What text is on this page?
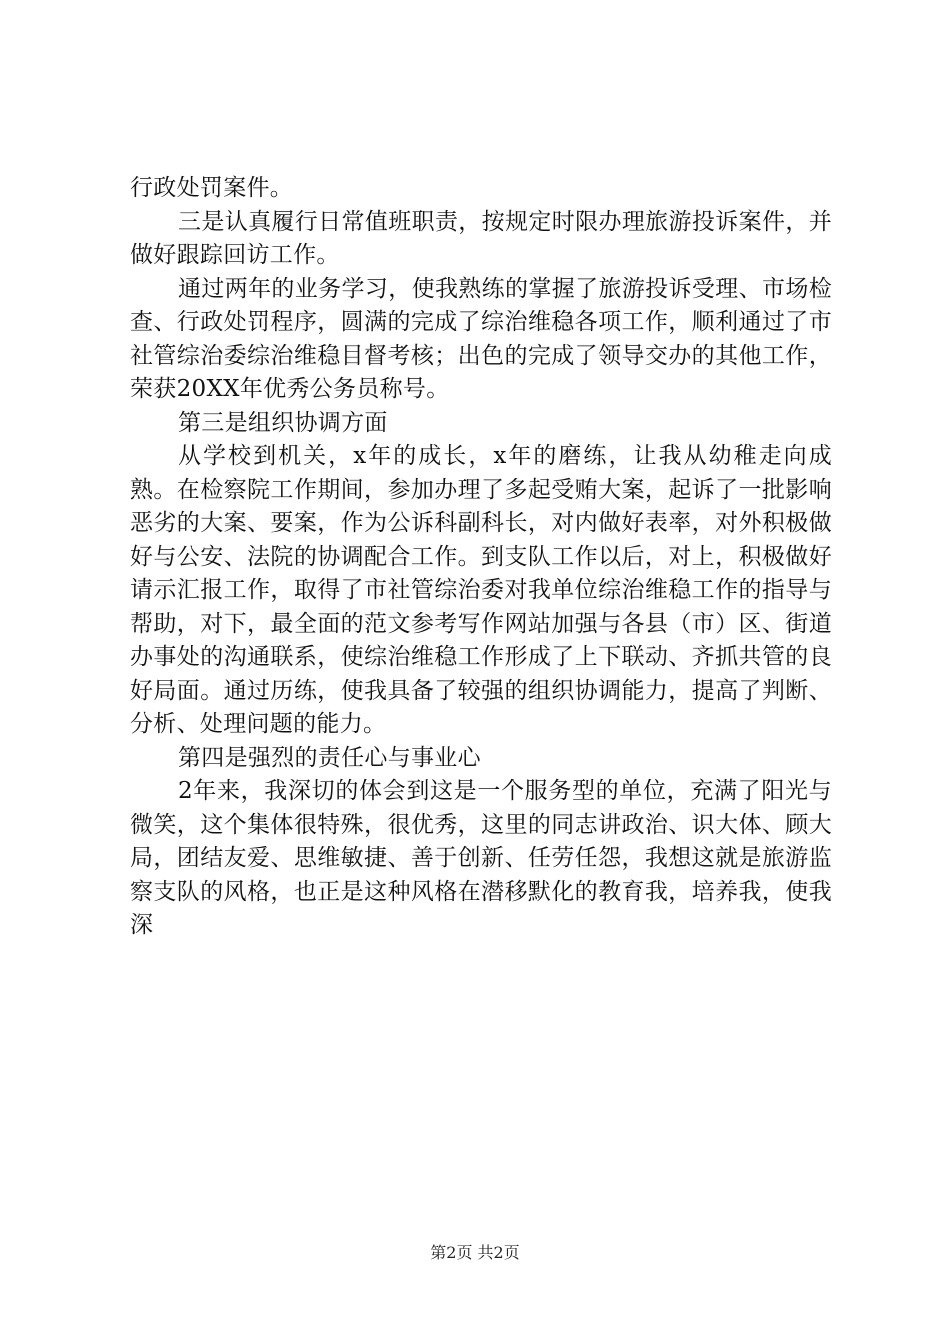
行政处罚案件。

三是认真履行日常值班职责，按规定时限办理旅游投诉案件，并做好跟踪回访工作。

通过两年的业务学习，使我熟练的掌握了旅游投诉受理、市场检查、行政处罚程序，圆满的完成了综治维稳各项工作，顺利通过了市社管综治委综治维稳目督考核；出色的完成了领导交办的其他工作，荣获20XX年优秀公务员称号。

第三是组织协调方面

从学校到机关，x年的成长，x年的磨练，让我从幼稚走向成熟。在检察院工作期间，参加办理了多起受贿大案，起诉了一批影响恶劣的大案、要案，作为公诉科副科长，对内做好表率，对外积极做好与公安、法院的协调配合工作。到支队工作以后，对上，积极做好请示汇报工作，取得了市社管综治委对我单位综治维稳工作的指导与帮助，对下，最全面的范文参考写作网站加强与各县（市）区、街道办事处的沟通联系，使综治维稳工作形成了上下联动、齐抓共管的良好局面。通过历练，使我具备了较强的组织协调能力，提高了判断、分析、处理问题的能力。

第四是强烈的责任心与事业心

2年来，我深切的体会到这是一个服务型的单位，充满了阳光与微笑，这个集体很特殊，很优秀，这里的同志讲政治、识大体、顾大局，团结友爱、思维敏捷、善于创新、任劳任怨，我想这就是旅游监察支队的风格，也正是这种风格在潜移默化的教育我，培养我，使我深

第2页 共2页
